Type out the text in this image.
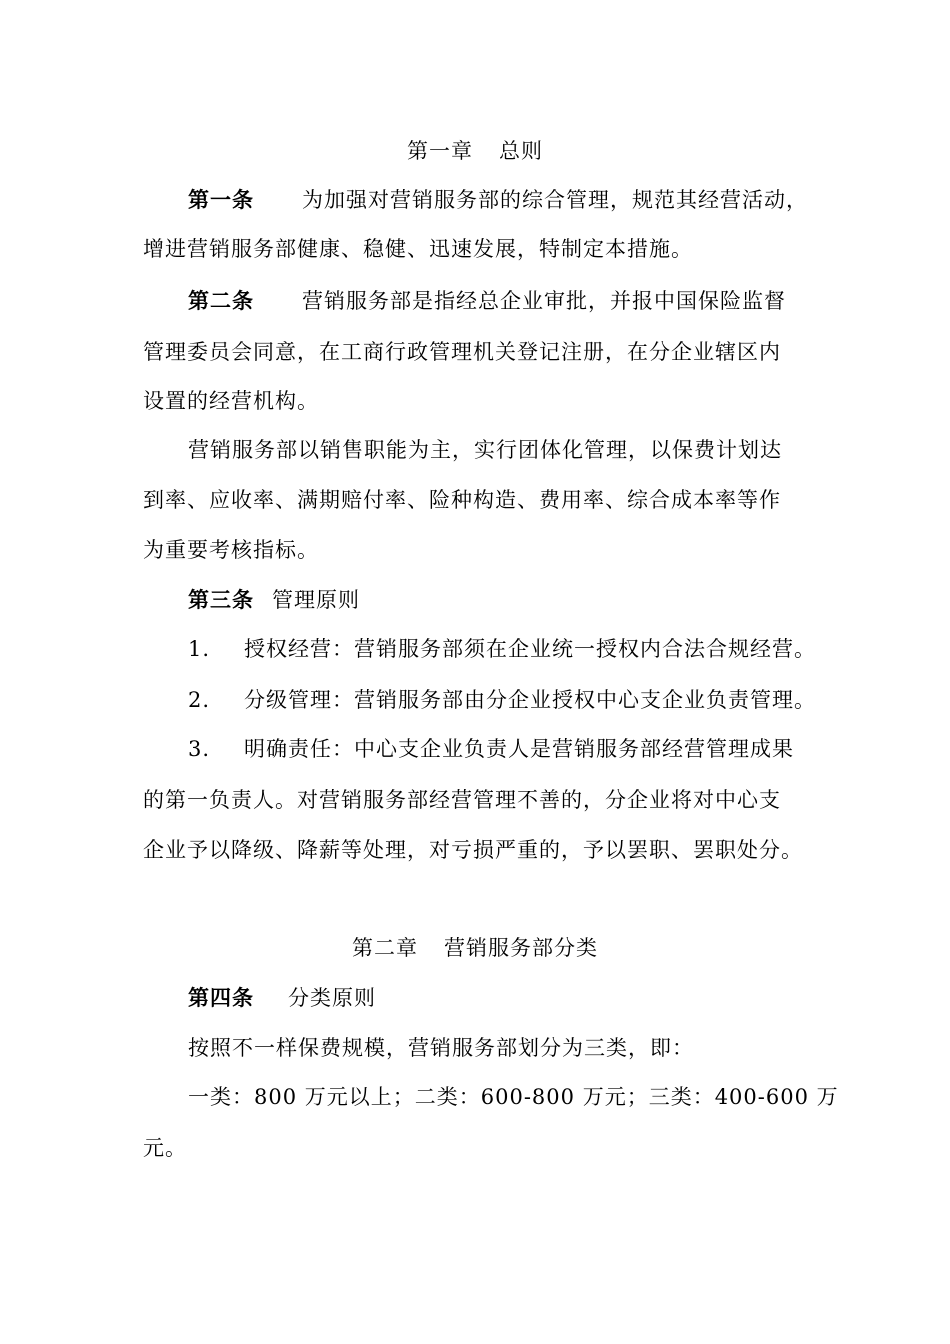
第一章 总则
第一条 为加强对营销服务部的综合管理，规范其经营活动，
增进营销服务部健康、稳健、迅速发展，特制定本措施。
第二条 营销服务部是指经总企业审批，并报中国保险监督
管理委员会同意，在工商行政管理机关登记注册，在分企业辖区内
设置的经营机构。
营销服务部以销售职能为主，实行团体化管理，以保费计划达
到率、应收率、满期赔付率、险种构造、费用率、综合成本率等作
为重要考核指标。
第三条 管理原则
1. 授权经营：营销服务部须在企业统一授权内合法合规经营。
2. 分级管理：营销服务部由分企业授权中心支企业负责管理。
3. 明确责任：中心支企业负责人是营销服务部经营管理成果
的第一负责人。对营销服务部经营管理不善的，分企业将对中心支
企业予以降级、降薪等处理，对亏损严重的，予以罢职、罢职处分。
第二章 营销服务部分类
第四条 分类原则
按照不一样保费规模，营销服务部划分为三类，即：
一类：800 万元以上；二类：600-800 万元；三类：400-600 万
元。
